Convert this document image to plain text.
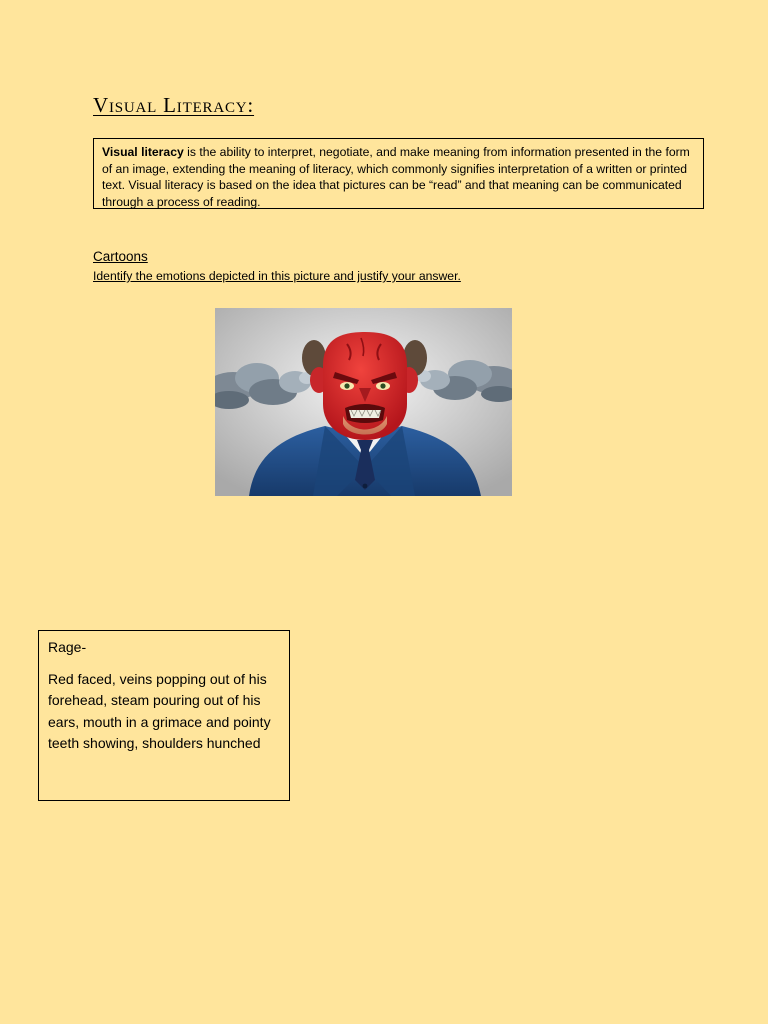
Visual Literacy:
Visual literacy is the ability to interpret, negotiate, and make meaning from information presented in the form of an image, extending the meaning of literacy, which commonly signifies interpretation of a written or printed text. Visual literacy is based on the idea that pictures can be “read” and that meaning can be communicated through a process of reading.
Cartoons
Identify the emotions depicted in this picture and justify your answer.
Rage-
Red faced, veins popping out of his forehead, steam pouring out of his ears, mouth in a grimace and pointy teeth showing, shoulders hunched
